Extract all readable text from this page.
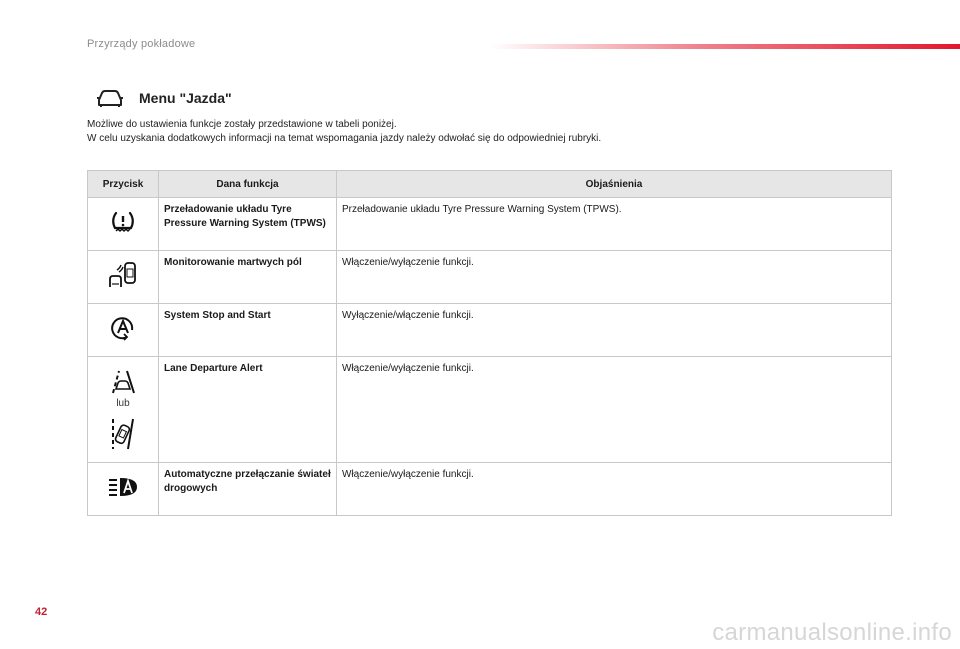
Przyrządy pokładowe
Menu "Jazda"
Możliwe do ustawienia funkcje zostały przedstawione w tabeli poniżej.
W celu uzyskania dodatkowych informacji na temat wspomagania jazdy należy odwołać się do odpowiedniej rubryki.
Przycisk	Dana funkcja	Objaśnienia
	Przeładowanie układu Tyre Pressure Warning System (TPWS)	Przeładowanie układu Tyre Pressure Warning System (TPWS).
	Monitorowanie martwych pól	Włączenie/wyłączenie funkcji.
	System Stop and Start	Wyłączenie/włączenie funkcji.

lub	Lane Departure Alert	Włączenie/wyłączenie funkcji.
	Automatyczne przełączanie świateł drogowych	Włączenie/wyłączenie funkcji.
42
carmanualsonline.info
